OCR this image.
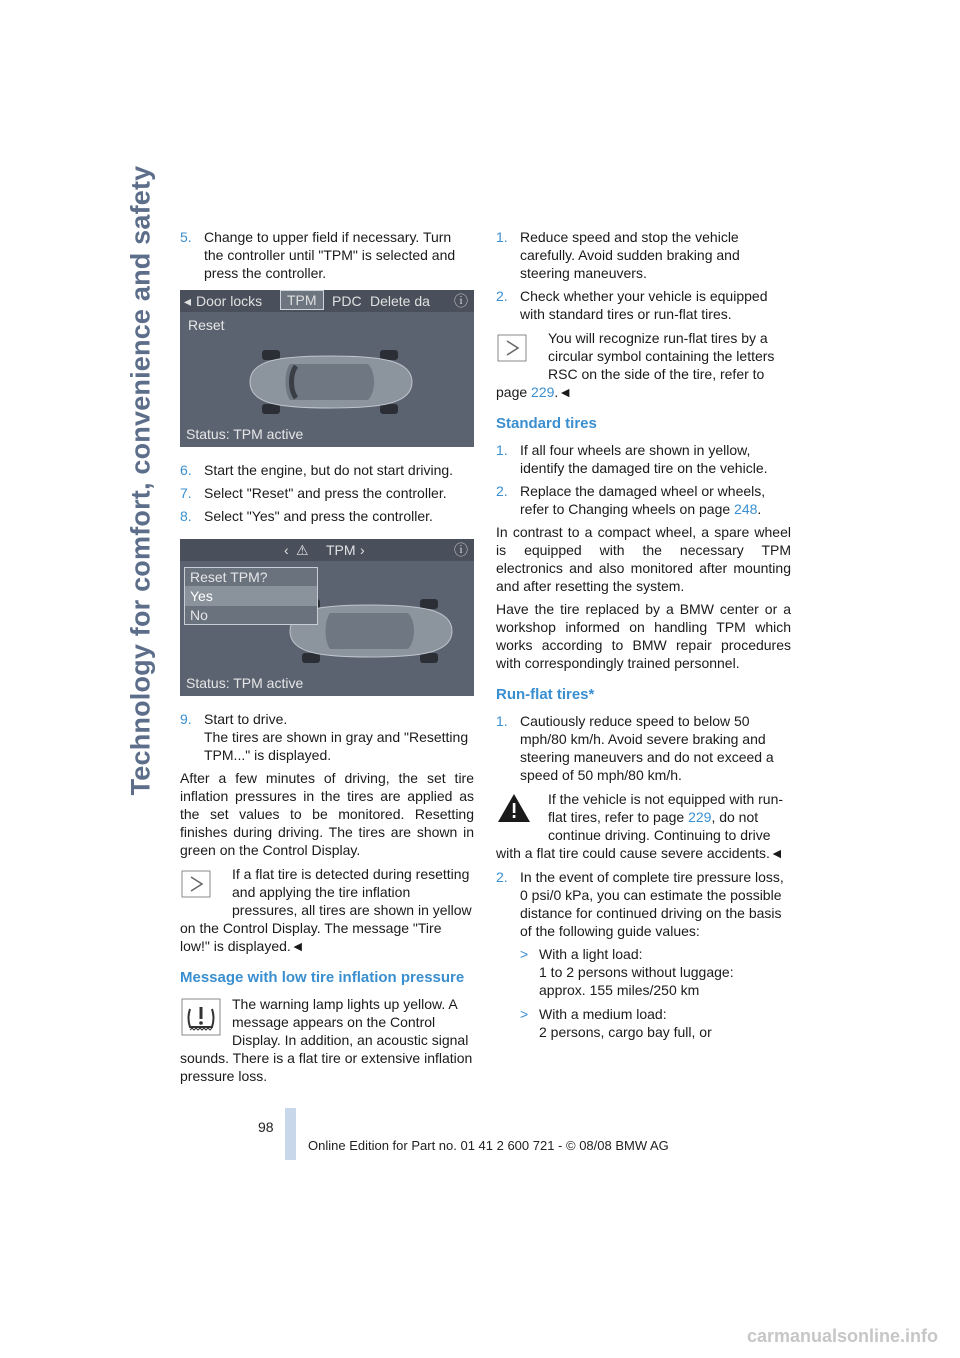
Technology for comfort, convenience and safety 5. Change to upper field if necessary. Turn the controller until "TPM" is selected and press the controller.
◂ Door locks	TPM	PDC Delete da ⓘ
Reset
Status: TPM active
MV04576EN
6. Start the engine, but do not start driving.
7. Select "Reset" and press the controller.
8. Select "Yes" and press the controller.
‹ ⚠ TPM ›	ⓘ
Reset TPM?
Yes
No
Status: TPM active
MV04577EN
9. Start to drive.
The tires are shown in gray and "Resetting TPM..." is displayed.

After a few minutes of driving, the set tire inflation pressures in the tires are applied as the set values to be monitored. Resetting finishes during driving. The tires are shown in green on the Control Display.

If a flat tire is detected during resetting and applying the tire inflation pressures, all tires are shown in yellow on the Control Display. The message "Tire low!" is displayed.◄
Message with low tire inflation pressure
The warning lamp lights up yellow. A message appears on the Control Display. In addition, an acoustic signal sounds. There is a flat tire or extensive inflation pressure loss.
1. Reduce speed and stop the vehicle carefully. Avoid sudden braking and steering maneuvers.
2. Check whether your vehicle is equipped with standard tires or run-flat tires.
You will recognize run-flat tires by a circular symbol containing the letters RSC on the side of the tire, refer to page 229.◄
Standard tires
1. If all four wheels are shown in yellow, identify the damaged tire on the vehicle.
2. Replace the damaged wheel or wheels, refer to Changing wheels on page 248.

In contrast to a compact wheel, a spare wheel is equipped with the necessary TPM electronics and also monitored after mounting and after resetting the system.

Have the tire replaced by a BMW center or a workshop informed on handling TPM which works according to BMW repair procedures with correspondingly trained personnel.

Run-flat tires*
1. Cautiously reduce speed to below 50 mph/80 km/h. Avoid severe braking and steering maneuvers and do not exceed a speed of 50 mph/80 km/h.
If the vehicle is not equipped with run-flat tires, refer to page 229, do not continue driving. Continuing to drive with a flat tire could cause severe accidents.◄
2. In the event of complete tire pressure loss, 0 psi/0 kPa, you can estimate the possible distance for continued driving on the basis of the following guide values:
> With a light load:
1 to 2 persons without luggage:
approx. 155 miles/250 km
> With a medium load:
2 persons, cargo bay full, or
98
Online Edition for Part no. 01 41 2 600 721 - © 08/08 BMW AG
carmanualsonline.info
